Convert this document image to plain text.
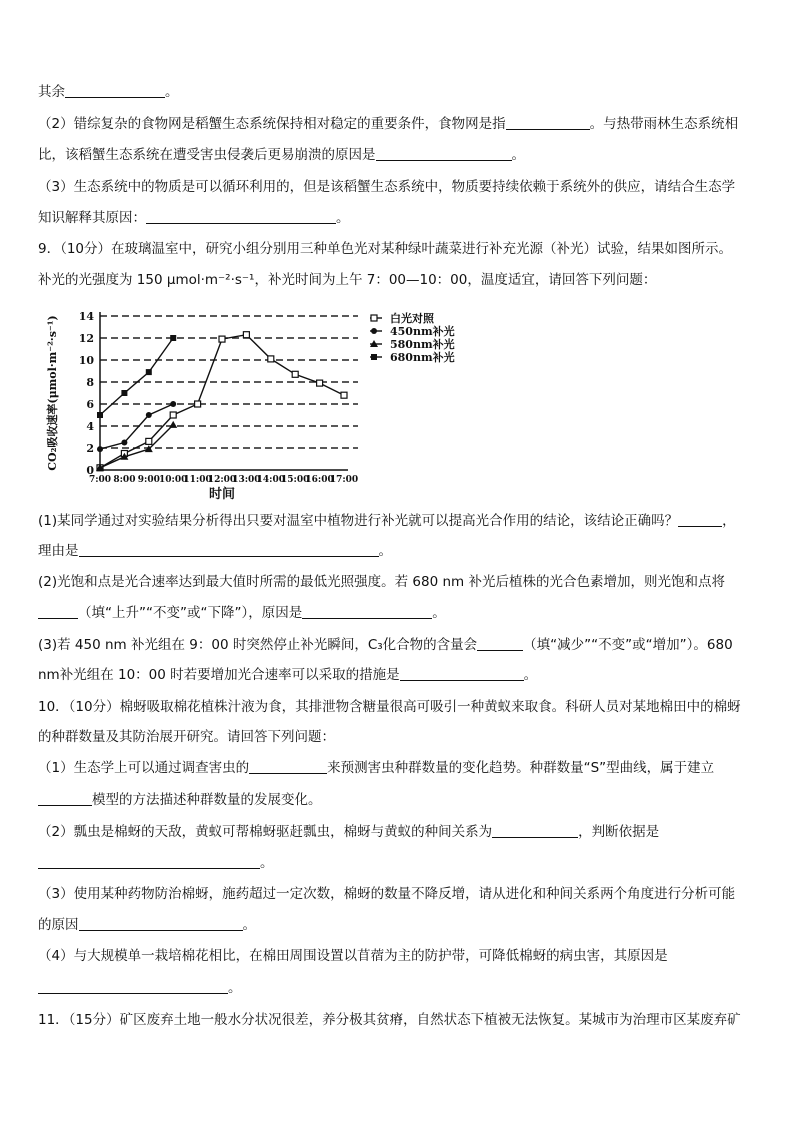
其余	。
（2）错综复杂的食物网是稻蟹生态系统保持相对稳定的重要条件，食物网是指	。与热带雨林生态系统相
比，该稻蟹生态系统在遭受害虫侵袭后更易崩溃的原因是	。
（3）生态系统中的物质是可以循环利用的，但是该稻蟹生态系统中，物质要持续依赖于系统外的供应，请结合生态学
知识解释其原因：	。
9．（10分）在玻璃温室中，研究小组分别用三种单色光对某种绿叶蔬菜进行补充光源（补光）试验，结果如图所示。
补光的光强度为 150 μmol·m⁻²·s⁻¹，补光时间为上午 7：00—10：00，温度适宜，请回答下列问题：
0
2
4
6
8
10
12
14
7:00 8:00 9:00 10:00
11:00
12:00
13:00
14:00
15:00
16:00
17:00
时间
CO₂吸收速率(μmol·m⁻²·s⁻¹)	白光对照
450nm补光
580nm补光
680nm补光
(1)某同学通过对实验结果分析得出只要对温室中植物进行补光就可以提高光合作用的结论，该结论正确吗？	，
理由是	。
(2)光饱和点是光合速率达到最大值时所需的最低光照强度。若 680 nm 补光后植株的光合色素增加，则光饱和点将
（填“上升”“不变”或“下降”），原因是	。
(3)若 450 nm 补光组在 9：00 时突然停止补光瞬间，C₃化合物的含量会	（填“减少”“不变”或“增加”）。680
nm补光组在 10：00 时若要增加光合速率可以采取的措施是	。
10．（10分）棉蚜吸取棉花植株汁液为食，其排泄物含糖量很高可吸引一种黄蚁来取食。科研人员对某地棉田中的棉蚜
的种群数量及其防治展开研究。请回答下列问题：
（1）生态学上可以通过调查害虫的	来预测害虫种群数量的变化趋势。种群数量“S”型曲线，属于建立
模型的方法描述种群数量的发展变化。
（2）瓢虫是棉蚜的天敌，黄蚁可帮棉蚜驱赶瓢虫，棉蚜与黄蚁的种间关系为	，判断依据是
。
（3）使用某种药物防治棉蚜，施药超过一定次数，棉蚜的数量不降反增，请从进化和种间关系两个角度进行分析可能
的原因	。
（4）与大规模单一栽培棉花相比，在棉田周围设置以苜蓿为主的防护带，可降低棉蚜的病虫害，其原因是
。
11．（15分）矿区废弃土地一般水分状况很差，养分极其贫瘠，自然状态下植被无法恢复。某城市为治理市区某废弃矿
